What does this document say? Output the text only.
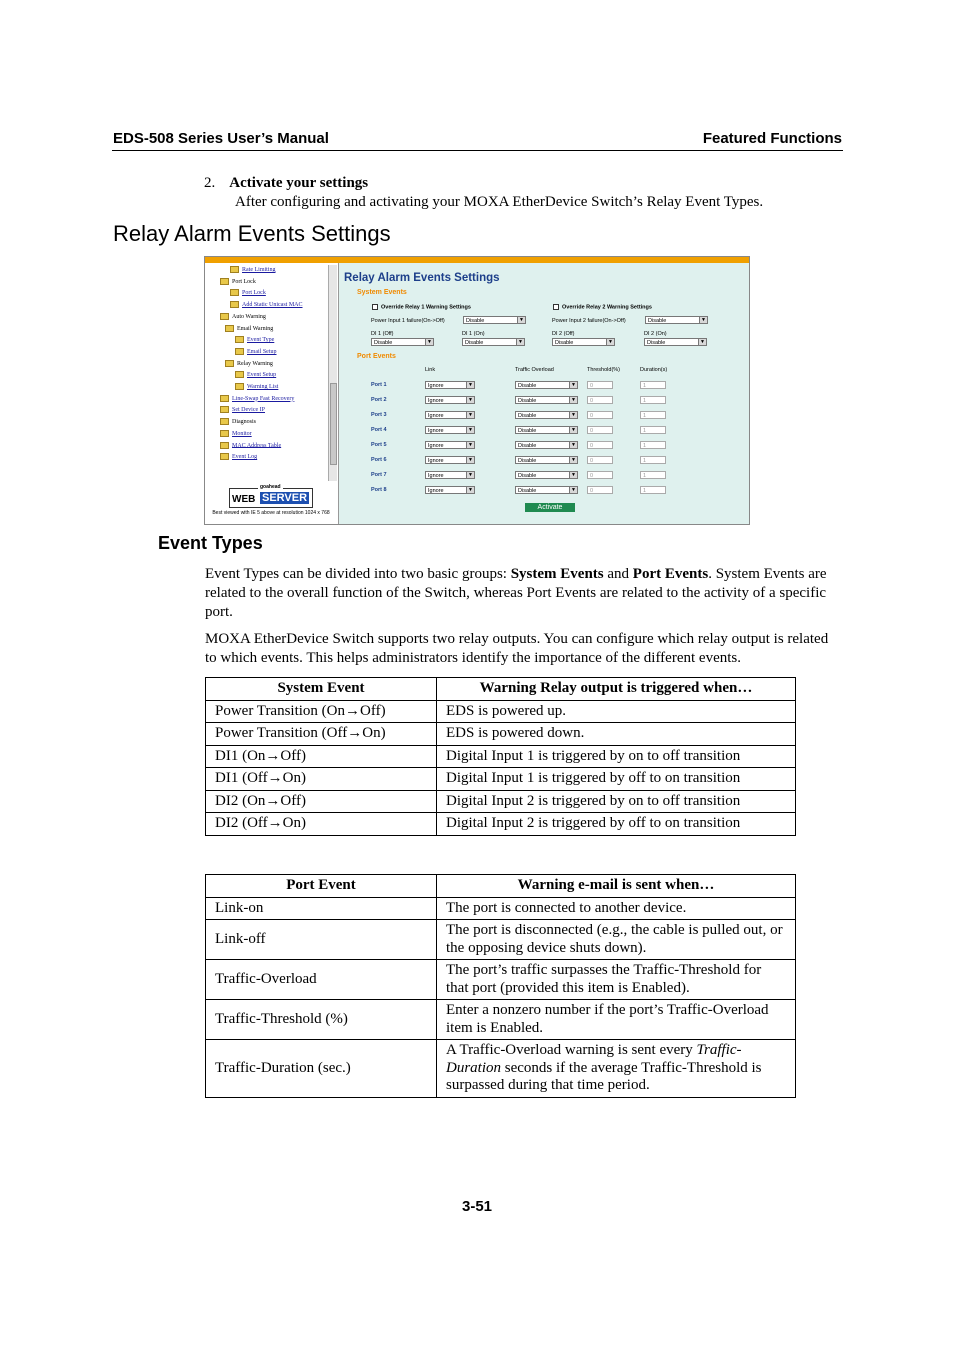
EDS-508 Series User’s Manual	Featured Functions
2. Activate your settings
After configuring and activating your MOXA EtherDevice Switch’s Relay Event Types.
Relay Alarm Events Settings
goahead
WEB SERVER
Best viewed with IE 5 above at resolution 1024 x 768
Rate Limiting
Port Lock
Port Lock
Add Static Unicast MAC
Auto Warning
Email Warning
Event Type
Email Setup
Relay Warning
Event Setup
Warning List
Line-Swap Fast Recovery
Set Device IP
Diagnosis
Monitor
MAC Address Table
Event Log
Relay Alarm Events Settings
System Events
Override Relay 1 Warning Settings	Override Relay 2 Warning Settings
Power Input 1 failure(On->Off)	Disable	▼	Power Input 2 failure(On->Off)	Disable	▼
DI 1 (Off)
Disable	▼
DI 1 (On)
Disable	▼
DI 2 (Off)
Disable	▼
DI 2 (On)
Disable	▼
Port Events
Link	Traffic Overload	Threshold(%)	Duration(s)
Port 1	Ignore	▼	Disable	▼	0	1
Port 2	Ignore	▼	Disable	▼	0	1
Port 3	Ignore	▼	Disable	▼	0	1
Port 4	Ignore	▼	Disable	▼	0	1
Port 5	Ignore	▼	Disable	▼	0	1
Port 6	Ignore	▼	Disable	▼	0	1
Port 7	Ignore	▼	Disable	▼	0	1
Port 8	Ignore	▼	Disable	▼	0	1
Activate
Event Types

Event Types can be divided into two basic groups: System Events and Port Events. System Events are related to the overall function of the Switch, whereas Port Events are related to the activity of a specific port.

MOXA EtherDevice Switch supports two relay outputs. You can configure which relay output is related to which events. This helps administrators identify the importance of the different events.

System Event	Warning Relay output is triggered when…
Power Transition (On→Off)	EDS is powered up.
Power Transition (Off→On)	EDS is powered down.
DI1 (On→Off)	Digital Input 1 is triggered by on to off transition
DI1 (Off→On)	Digital Input 1 is triggered by off to on transition
DI2 (On→Off)	Digital Input 2 is triggered by on to off transition
DI2 (Off→On)	Digital Input 2 is triggered by off to on transition
Port Event	Warning e-mail is sent when…
Link-on	The port is connected to another device.
Link-off	The port is disconnected (e.g., the cable is pulled out, or the opposing device shuts down).
Traffic-Overload	The port’s traffic surpasses the Traffic-Threshold for that port (provided this item is Enabled).
Traffic-Threshold (%)	Enter a nonzero number if the port’s Traffic-Overload item is Enabled.
Traffic-Duration (sec.)	A Traffic-Overload warning is sent every Traffic-Duration seconds if the average Traffic-Threshold is surpassed during that time period.
3-51
